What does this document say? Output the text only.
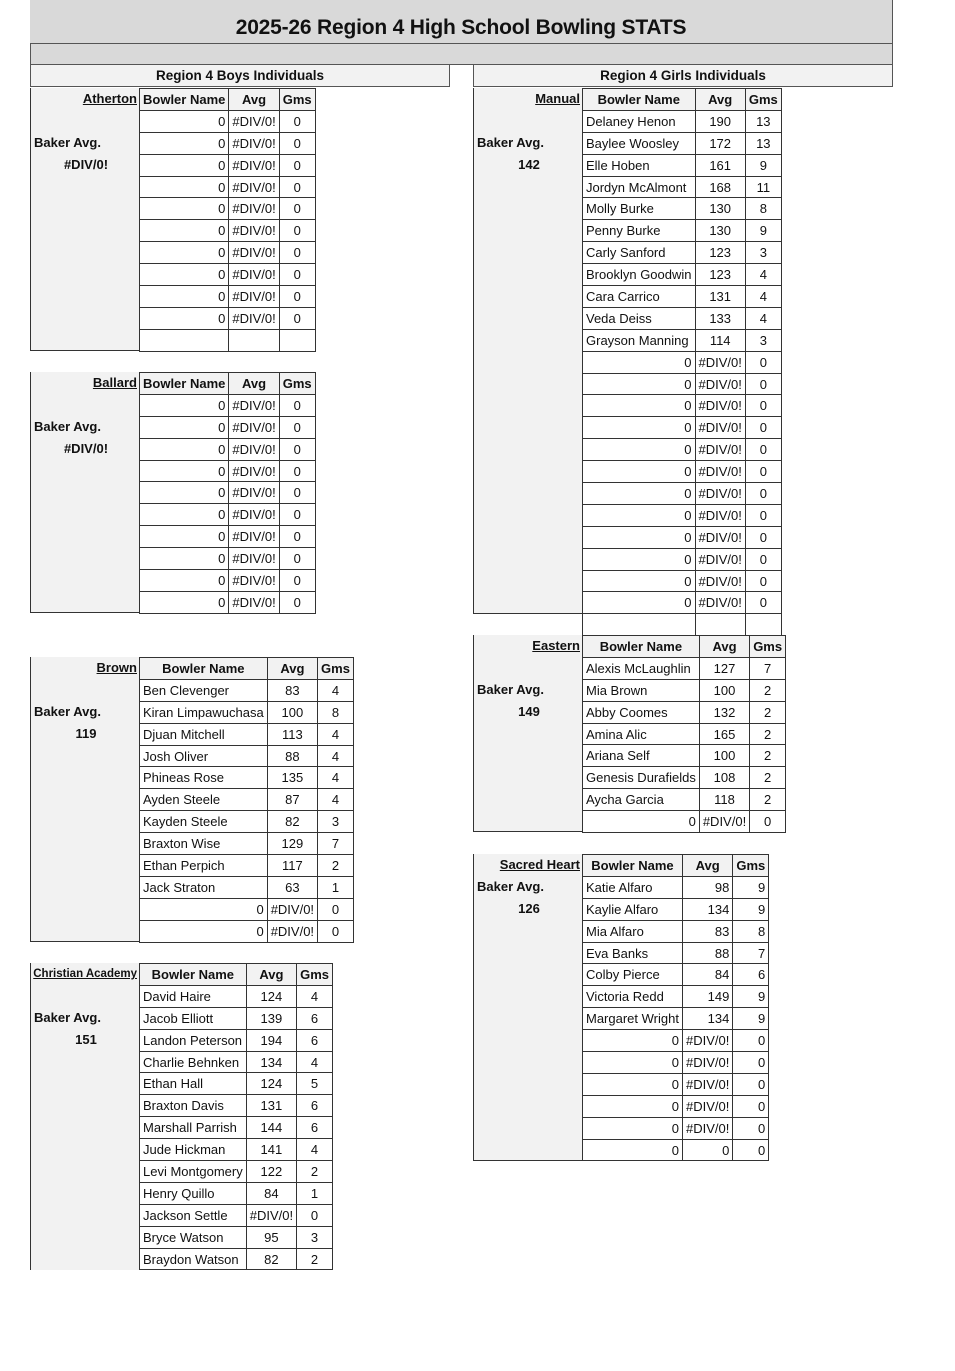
2025-26 Region 4 High School Bowling STATS
Region 4 Boys Individuals	Region 4 Girls Individuals
Atherton
Baker Avg.
#DIV/0!
Bowler Name	Avg	Gms
0	#DIV/0!	0
0	#DIV/0!	0
0	#DIV/0!	0
0	#DIV/0!	0
0	#DIV/0!	0
0	#DIV/0!	0
0	#DIV/0!	0
0	#DIV/0!	0
0	#DIV/0!	0
0	#DIV/0!	0

Ballard
Baker Avg.
#DIV/0!
Bowler Name	Avg	Gms
0	#DIV/0!	0
0	#DIV/0!	0
0	#DIV/0!	0
0	#DIV/0!	0
0	#DIV/0!	0
0	#DIV/0!	0
0	#DIV/0!	0
0	#DIV/0!	0
0	#DIV/0!	0
0	#DIV/0!	0
Brown
Baker Avg.
119
Bowler Name	Avg	Gms
Ben Clevenger	83	4
Kiran Limpawuchasa	100	8
Djuan Mitchell	113	4
Josh Oliver	88	4
Phineas Rose	135	4
Ayden Steele	87	4
Kayden Steele	82	3
Braxton Wise	129	7
Ethan Perpich	117	2
Jack Straton	63	1
0	#DIV/0!	0
0	#DIV/0!	0
Christian Academy
Baker Avg.
151
Bowler Name	Avg	Gms
David Haire	124	4
Jacob Elliott	139	6
Landon Peterson	194	6
Charlie Behnken	134	4
Ethan Hall	124	5
Braxton Davis	131	6
Marshall Parrish	144	6
Jude Hickman	141	4
Levi Montgomery	122	2
Henry Quillo	84	1
Jackson Settle	#DIV/0!	0
Bryce Watson	95	3
Braydon Watson	82	2
Manual
Baker Avg.
142
Bowler Name	Avg	Gms
Delaney Henon	190	13
Baylee Woosley	172	13
Elle Hoben	161	9
Jordyn McAlmont	168	11
Molly Burke	130	8
Penny Burke	130	9
Carly Sanford	123	3
Brooklyn Goodwin	123	4
Cara Carrico	131	4
Veda Deiss	133	4
Grayson Manning	114	3
0	#DIV/0!	0
0	#DIV/0!	0
0	#DIV/0!	0
0	#DIV/0!	0
0	#DIV/0!	0
0	#DIV/0!	0
0	#DIV/0!	0
0	#DIV/0!	0
0	#DIV/0!	0
0	#DIV/0!	0
0	#DIV/0!	0
0	#DIV/0!	0

Eastern
Baker Avg.
149
Bowler Name	Avg	Gms
Alexis McLaughlin	127	7
Mia Brown	100	2
Abby Coomes	132	2
Amina Alic	165	2
Ariana Self	100	2
Genesis Durafields	108	2
Aycha Garcia	118	2
0	#DIV/0!	0
Sacred Heart
Baker Avg.
126
Bowler Name	Avg	Gms
Katie Alfaro	98	9
Kaylie Alfaro	134	9
Mia Alfaro	83	8
Eva Banks	88	7
Colby Pierce	84	6
Victoria Redd	149	9
Margaret Wright	134	9
0	#DIV/0!	0
0	#DIV/0!	0
0	#DIV/0!	0
0	#DIV/0!	0
0	#DIV/0!	0
0	0	0
